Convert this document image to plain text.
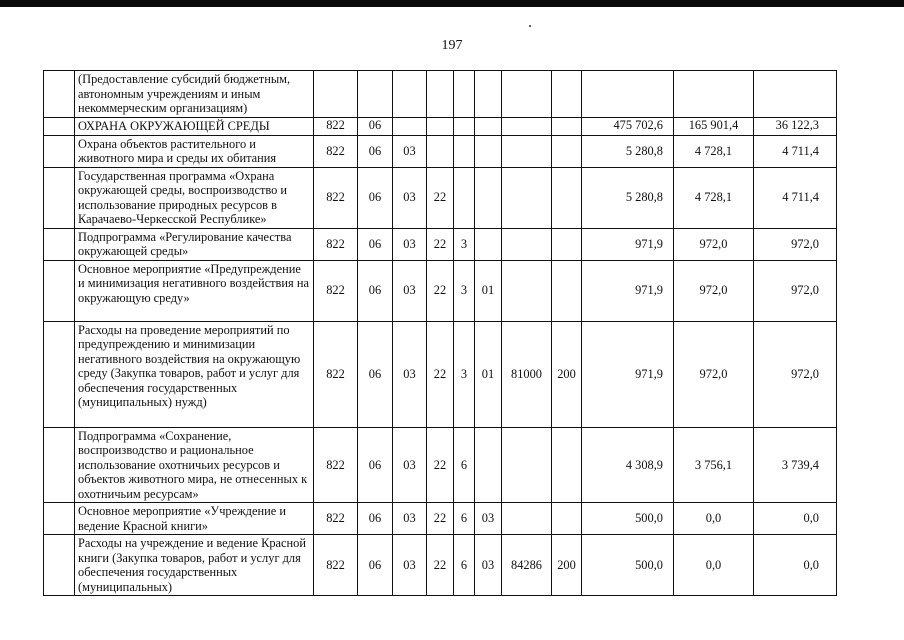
197
	(Предоставление субсидий бюджетным, автономным учреждениям и иным некоммерческим организациям)											
	ОХРАНА ОКРУЖАЮЩЕЙ СРЕДЫ	822	06							475 702,6	165 901,4	36 122,3
	Охрана объектов растительного и животного мира и среды их обитания	822	06	03						5 280,8	4 728,1	4 711,4
	Государственная программа «Охрана окружающей среды, воспроизводство и использование природных ресурсов в Карачаево-Черкесской Республике»	822	06	03	22					5 280,8	4 728,1	4 711,4
	Подпрограмма «Регулирование качества окружающей среды»	822	06	03	22	3				971,9	972,0	972,0
	Основное мероприятие «Предупреждение и минимизация негативного воздействия на окружающую среду»	822	06	03	22	3	01			971,9	972,0	972,0
	Расходы на проведение мероприятий по предупреждению и минимизации негативного воздействия на окружающую среду (Закупка товаров, работ и услуг для обеспечения государственных (муниципальных) нужд)	822	06	03	22	3	01	81000	200	971,9	972,0	972,0
	Подпрограмма «Сохранение, воспроизводство и рациональное использование охотничьих ресурсов и объектов животного мира, не отнесенных к охотничьим ресурсам»	822	06	03	22	6				4 308,9	3 756,1	3 739,4
	Основное мероприятие «Учреждение и ведение Красной книги»	822	06	03	22	6	03			500,0	0,0	0,0
	Расходы на учреждение и ведение Красной книги (Закупка товаров, работ и услуг для обеспечения государственных (муниципальных)	822	06	03	22	6	03	84286	200	500,0	0,0	0,0
